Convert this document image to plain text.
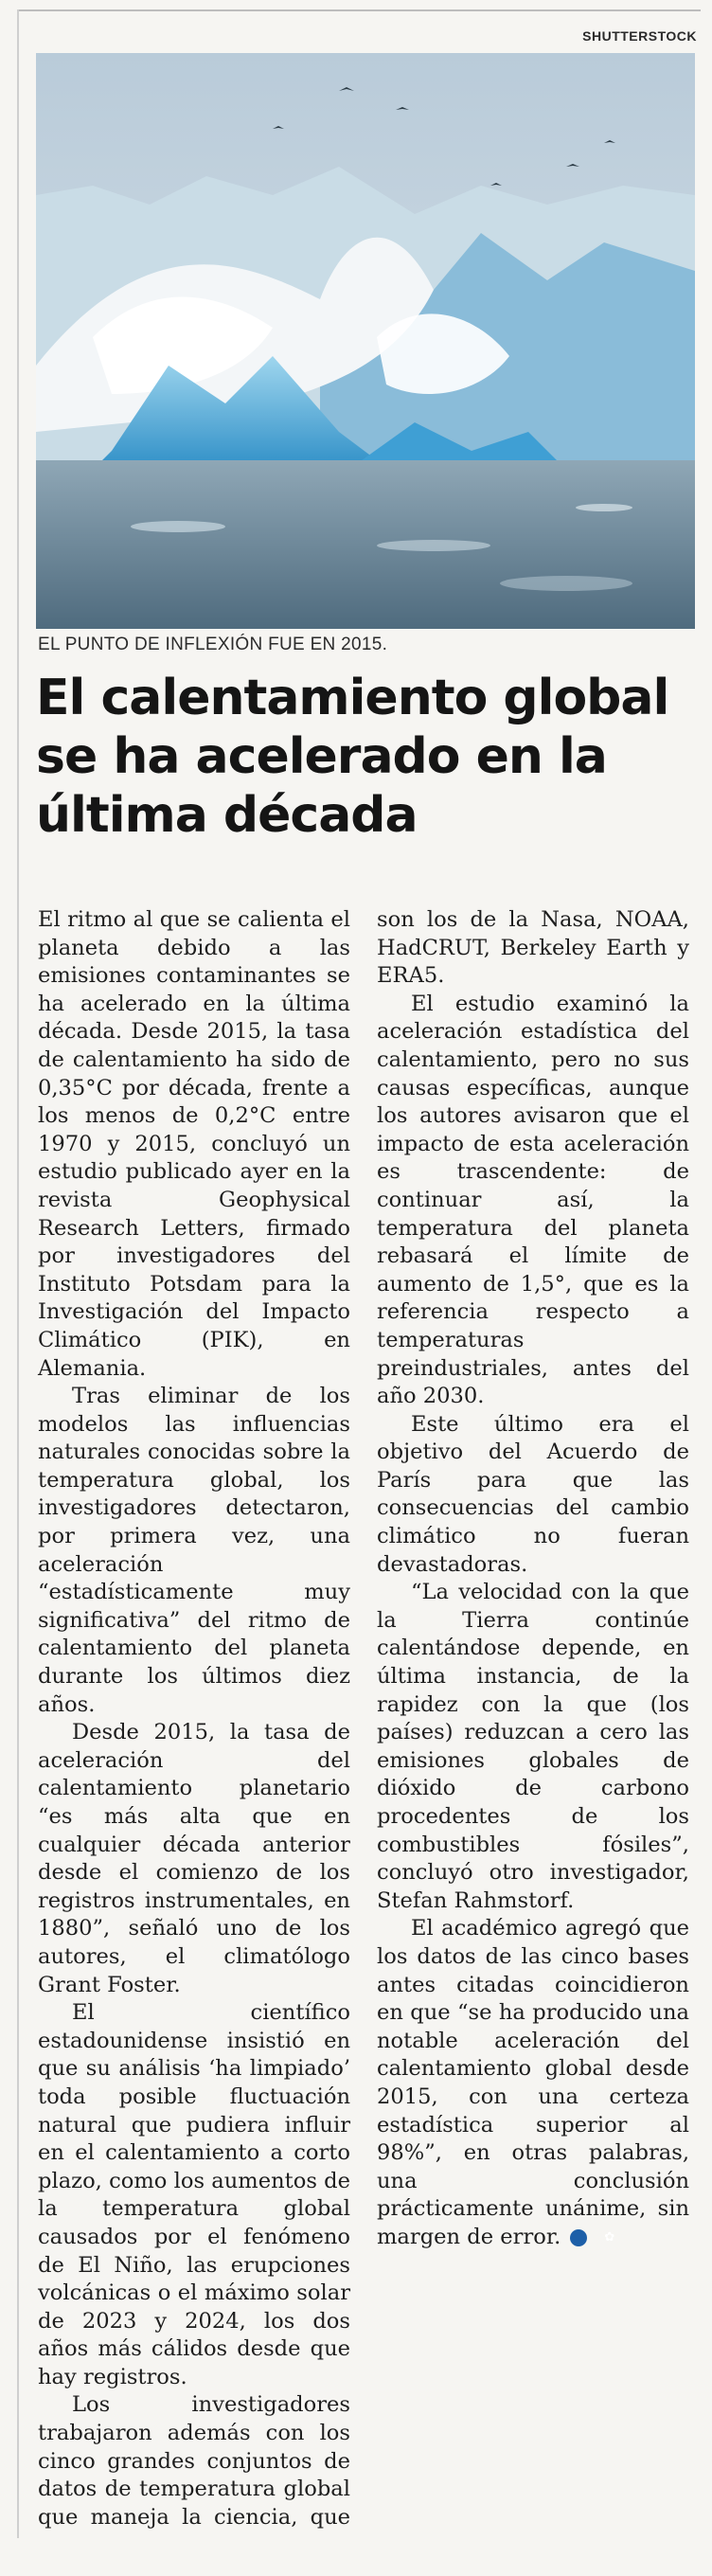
SHUTTERSTOCK
EL PUNTO DE INFLEXIÓN FUE EN 2015.
El calentamiento global se ha acelerado en la última década

El ritmo al que se calienta el planeta debido a las emisiones contaminantes se ha acelerado en la última década. Desde 2015, la tasa de calentamiento ha sido de 0,35°C por década, frente a los menos de 0,2°C entre 1970 y 2015, concluyó un estudio publicado ayer en la revista Geophysical Research Letters, firmado por investigadores del Instituto Potsdam para la Investigación del Impacto Climático (PIK), en Alemania.

Tras eliminar de los modelos las influencias naturales conocidas sobre la temperatura global, los investigadores detectaron, por primera vez, una aceleración “estadísticamente muy significativa” del ritmo de calentamiento del planeta durante los últimos diez años.

Desde 2015, la tasa de aceleración del calentamiento planetario “es más alta que en cualquier década anterior desde el comienzo de los registros instrumentales, en 1880”, señaló uno de los autores, el climatólogo Grant Foster.

El científico estadounidense insistió en que su análisis ‘ha limpiado’ toda posible fluctuación natural que pudiera influir en el calentamiento a corto plazo, como los aumentos de la temperatura global causados por el fenómeno de El Niño, las erupciones volcánicas o el máximo solar de 2023 y 2024, los dos años más cálidos desde que hay registros.

Los investigadores trabajaron además con los cinco grandes conjuntos de datos de temperatura global que maneja la ciencia, que son los de la Nasa, NOAA, HadCRUT, Berkeley Earth y ERA5.

El estudio examinó la aceleración estadística del calentamiento, pero no sus causas específicas, aunque los autores avisaron que el impacto de esta aceleración es trascendente: de continuar así, la temperatura del planeta rebasará el límite de aumento de 1,5°, que es la referencia respecto a temperaturas preindustriales, antes del año 2030.

Este último era el objetivo del Acuerdo de París para que las consecuencias del cambio climático no fueran devastadoras.

“La velocidad con la que la Tierra continúe calentándose depende, en última instancia, de la rapidez con la que (los países) reduzcan a cero las emisiones globales de dióxido de carbono procedentes de los combustibles fósiles”, concluyó otro investigador, Stefan Rahmstorf.

El académico agregó que los datos de las cinco bases antes citadas coincidieron en que “se ha producido una notable aceleración del calentamiento global desde 2015, con una certeza estadística superior al 98%”, en otras palabras, una conclusión prácticamente unánime, sin margen de error.	✿
